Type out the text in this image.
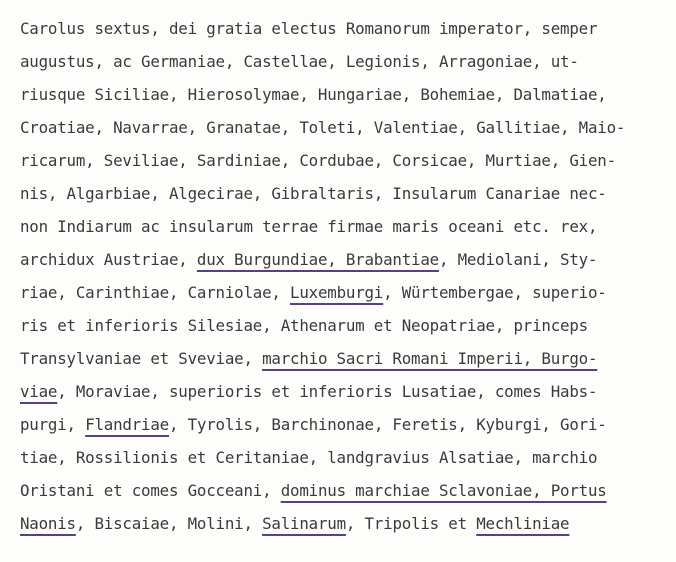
Carolus sextus, dei gratia electus Romanorum imperator, semper
augustus, ac Germaniae, Castellae, Legionis, Arragoniae, ut-
riusque Siciliae, Hierosolymae, Hungariae, Bohemiae, Dalmatiae,
Croatiae, Navarrae, Granatae, Toleti, Valentiae, Gallitiae, Maio-
ricarum, Seviliae, Sardiniae, Cordubae, Corsicae, Murtiae, Gien-
nis, Algarbiae, Algecirae, Gibraltaris, Insularum Canariae nec-
non Indiarum ac insularum terrae firmae maris oceani etc. rex,
archidux Austriae, dux Burgundiae, Brabantiae, Mediolani, Sty-
riae, Carinthiae, Carniolae, Luxemburgi, Würtembergae, superio-
ris et inferioris Silesiae, Athenarum et Neopatriae, princeps
Transylvaniae et Sveviae, marchio Sacri Romani Imperii, Burgo-
viae, Moraviae, superioris et inferioris Lusatiae, comes Habs-
purgi, Flandriae, Tyrolis, Barchinonae, Feretis, Kyburgi, Gori-
tiae, Rossilionis et Ceritaniae, landgravius Alsatiae, marchio
Oristani et comes Gocceani, dominus marchiae Sclavoniae, Portus
Naonis, Biscaiae, Molini, Salinarum, Tripolis et Mechliniae
